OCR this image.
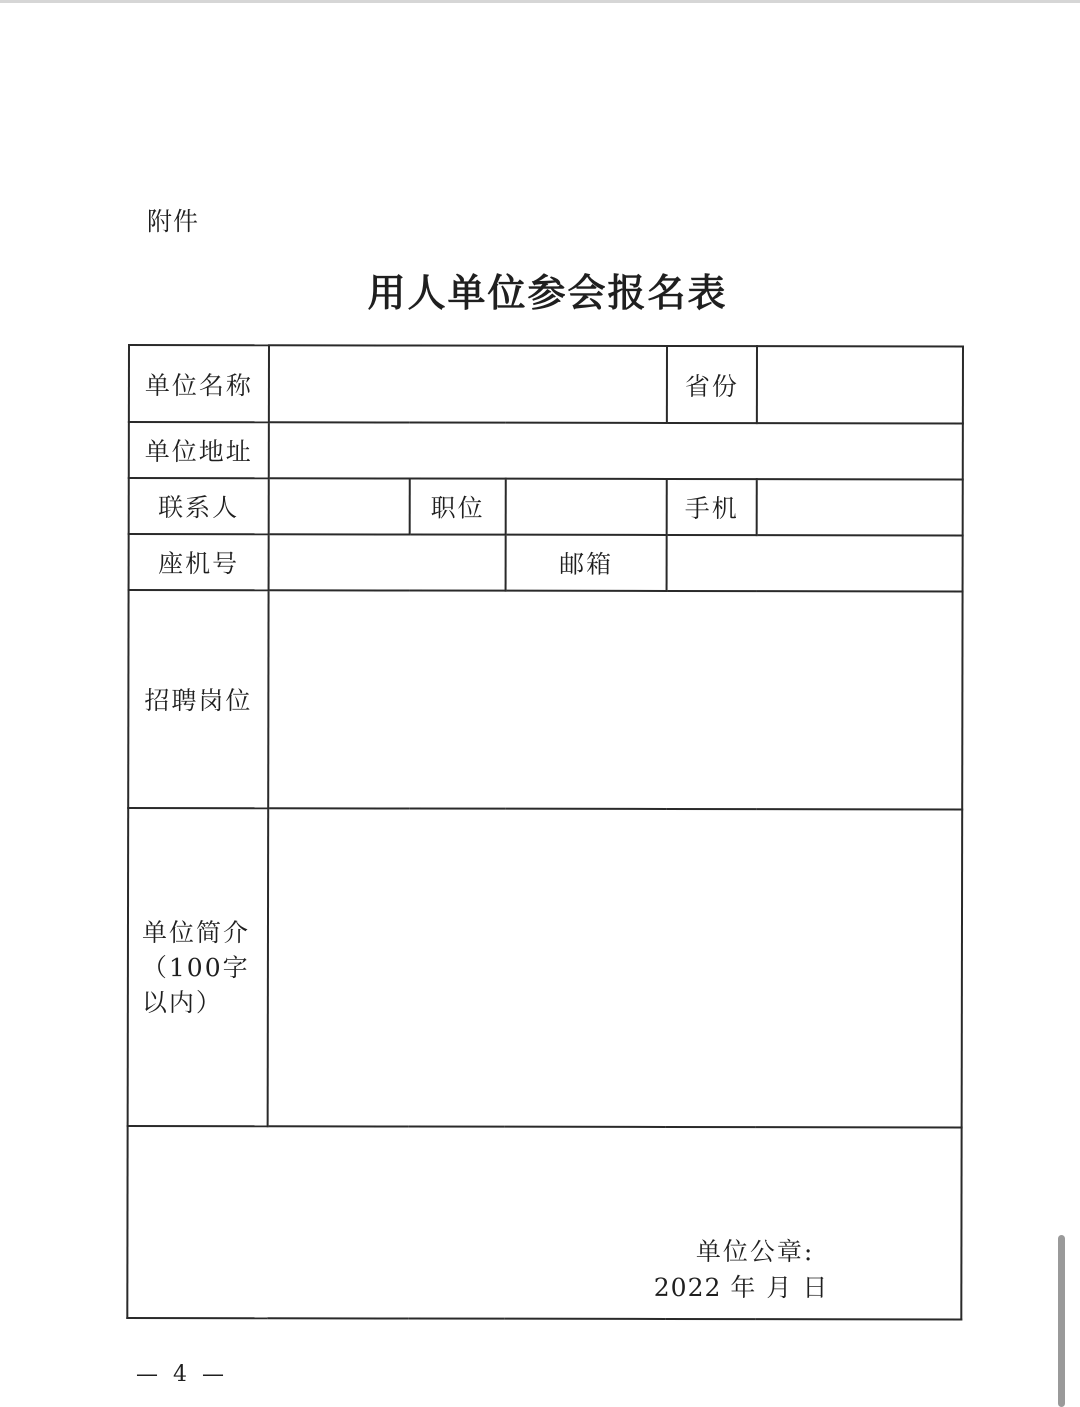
附件
用人单位参会报名表
单位名称				省份	
单位地址					
联系人		职位		手机	
座机号			邮箱		
招聘岗位					

单位简介
（100字
以内）					

单位公章:
2022 年 月 日					
— 4 —
